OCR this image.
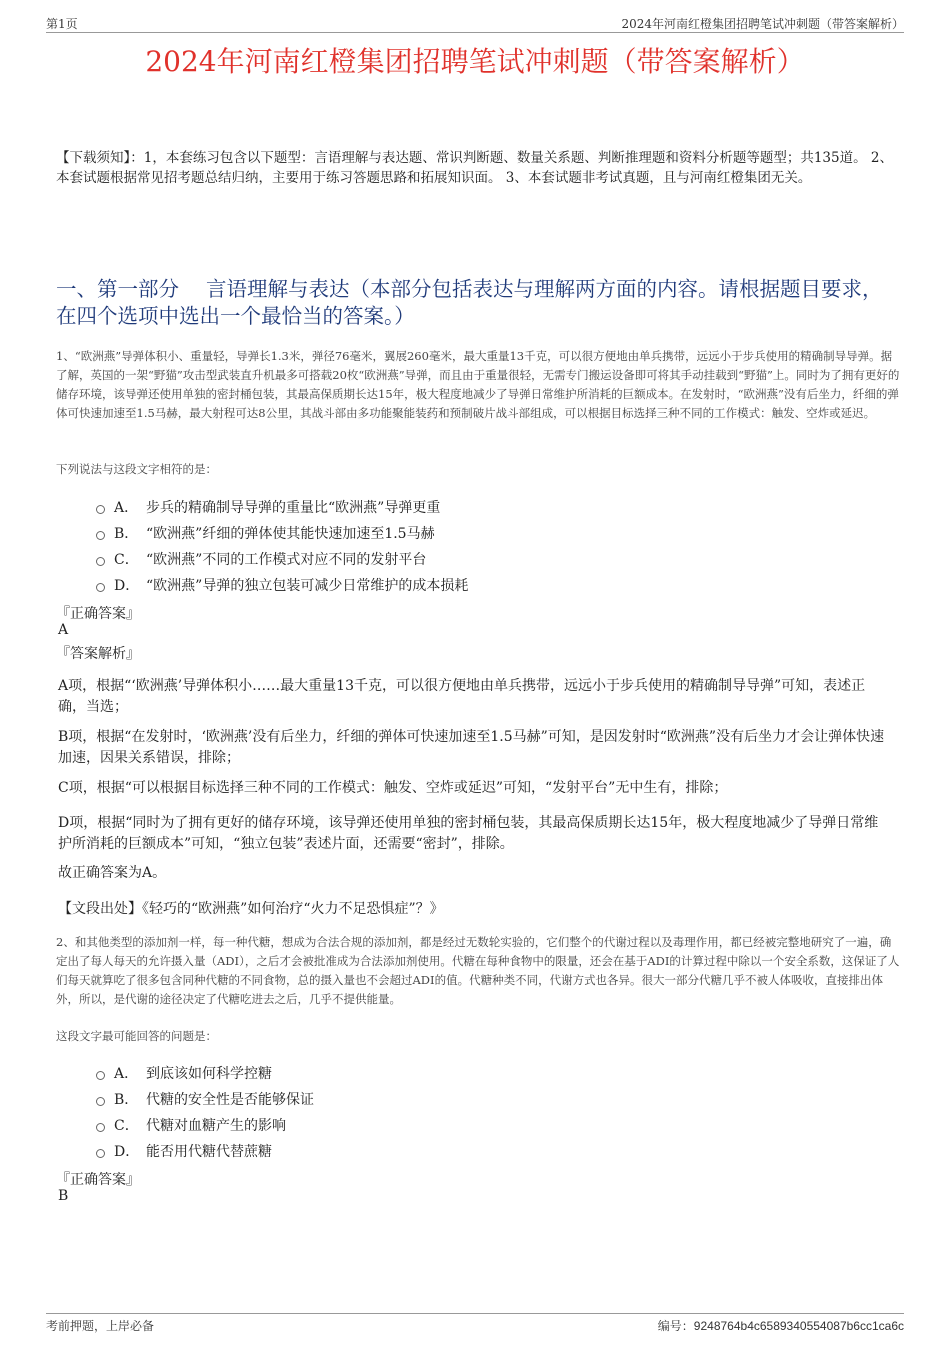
第1页	2024年河南红橙集团招聘笔试冲刺题（带答案解析）
2024年河南红橙集团招聘笔试冲刺题（带答案解析）
【下载须知】：1，本套练习包含以下题型：言语理解与表达题、常识判断题、数量关系题、判断推理题和资料分析题等题型；共135道。 2、本套试题根据常见招考题总结归纳，主要用于练习答题思路和拓展知识面。 3、本套试题非考试真题，且与河南红橙集团无关。
一、第一部分　 言语理解与表达（本部分包括表达与理解两方面的内容。请根据题目要求，在四个选项中选出一个最恰当的答案。）
1、“欧洲燕”导弹体积小、重量轻，导弹长1.3米，弹径76毫米，翼展260毫米，最大重量13千克，可以很方便地由单兵携带，远远小于步兵使用的精确制导导弹。据了解，英国的一架“野猫”攻击型武装直升机最多可搭载20枚“欧洲燕”导弹，而且由于重量很轻，无需专门搬运设备即可将其手动挂载到“野猫”上。同时为了拥有更好的储存环境，该导弹还使用单独的密封桶包装，其最高保质期长达15年，极大程度地减少了导弹日常维护所消耗的巨额成本。在发射时，“欧洲燕”没有后坐力，纤细的弹体可快速加速至1.5马赫，最大射程可达8公里，其战斗部由多功能聚能装药和预制破片战斗部组成，可以根据目标选择三种不同的工作模式：触发、空炸或延迟。
下列说法与这段文字相符的是：
A． 步兵的精确制导导弹的重量比“欧洲燕”导弹更重
B． “欧洲燕”纤细的弹体使其能快速加速至1.5马赫
C． “欧洲燕”不同的工作模式对应不同的发射平台
D． “欧洲燕”导弹的独立包装可减少日常维护的成本损耗
『正确答案』
A
『答案解析』
A项，根据“‘欧洲燕’导弹体积小……最大重量13千克，可以很方便地由单兵携带，远远小于步兵使用的精确制导导弹”可知，表述正确，当选；
B项，根据“在发射时，‘欧洲燕’没有后坐力，纤细的弹体可快速加速至1.5马赫”可知，是因发射时“欧洲燕”没有后坐力才会让弹体快速加速，因果关系错误，排除；
C项，根据“可以根据目标选择三种不同的工作模式：触发、空炸或延迟”可知，“发射平台”无中生有，排除；
D项，根据“同时为了拥有更好的储存环境，该导弹还使用单独的密封桶包装，其最高保质期长达15年，极大程度地减少了导弹日常维护所消耗的巨额成本”可知，“独立包装”表述片面，还需要“密封”，排除。
故正确答案为A。
【文段出处】《轻巧的“欧洲燕”如何治疗“火力不足恐惧症”？》
2、和其他类型的添加剂一样，每一种代糖，想成为合法合规的添加剂，都是经过无数轮实验的，它们整个的代谢过程以及毒理作用，都已经被完整地研究了一遍，确定出了每人每天的允许摄入量（ADI），之后才会被批准成为合法添加剂使用。代糖在每种食物中的限量，还会在基于ADI的计算过程中除以一个安全系数，这保证了人们每天就算吃了很多包含同种代糖的不同食物，总的摄入量也不会超过ADI的值。代糖种类不同，代谢方式也各异。很大一部分代糖几乎不被人体吸收，直接排出体外，所以，是代谢的途径决定了代糖吃进去之后，几乎不提供能量。
这段文字最可能回答的问题是：
A． 到底该如何科学控糖
B． 代糖的安全性是否能够保证
C． 代糖对血糖产生的影响
D． 能否用代糖代替蔗糖
『正确答案』
B
考前押题，上岸必备	编号：9248764b4c6589340554087b6cc1ca6c
